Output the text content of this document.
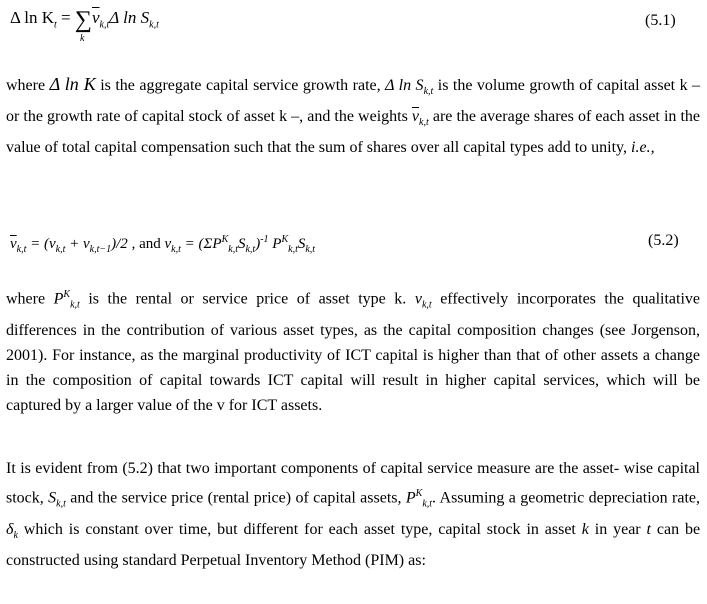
Δ $\ln K_t = \sum\overline{v}_{k,t}\Delta$ $\ln S_{k,t}$
k
(5.1)
where Δ ln K is the aggregate capital service growth rate, Δ $\ln S_{k,t}$ is the volume growth of capital asset k – or the growth rate of capital stock of asset k –, and the weights $\overline{v}_{k,t}$ are the average shares of each asset in the value of total capital compensation such that the sum of shares over all capital types add to unity, i.e.,
$\overline{v}_{k,t} = (v_{k,t} + v_{k,t-1})/2$ , and $v_{k,t} = (\Sigma P^K_{k,t}S_{k,t})^{-1}$ $P^K_{k,t}S_{k,t}$
(5.2)
where $P^K_{k,t}$ is the rental or service price of asset type k. $v_{k,t}$ effectively incorporates the qualitative differences in the contribution of various asset types, as the capital composition changes (see Jorgenson, 2001). For instance, as the marginal productivity of ICT capital is higher than that of other assets a change in the composition of capital towards ICT capital will result in higher capital services, which will be captured by a larger value of the v for ICT assets.
It is evident from (5.2) that two important components of capital service measure are the asset- wise capital stock, $S_{k,t}$ and the service price (rental price) of capital assets, $P^K_{k,t}$. Assuming a geometric depreciation rate, $\delta_k$ which is constant over time, but different for each asset type, capital stock in asset k in year t can be constructed using standard Perpetual Inventory Method (PIM) as:
